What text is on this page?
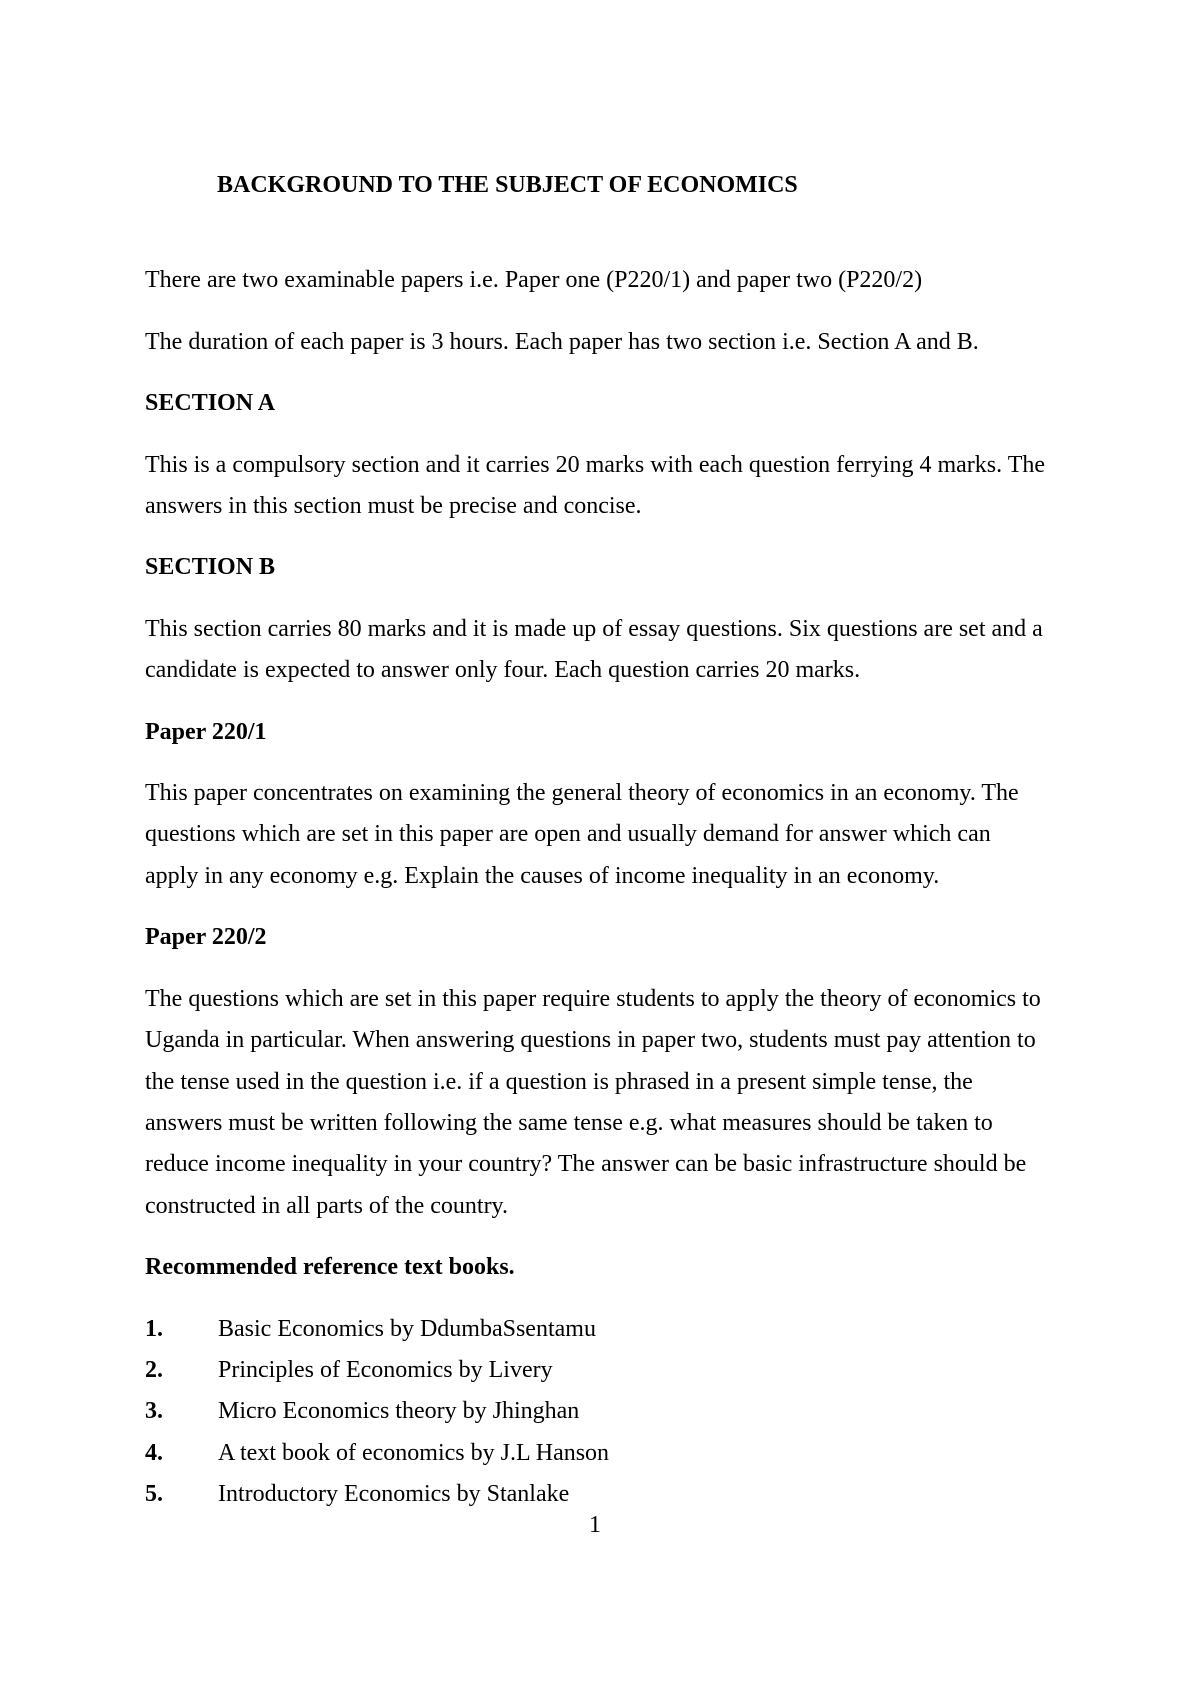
BACKGROUND TO THE SUBJECT OF ECONOMICS

There are two examinable papers i.e. Paper one (P220/1) and paper two (P220/2)

The duration of each paper is 3 hours. Each paper has two section i.e. Section A and B.

SECTION A

This is a compulsory section and it carries 20 marks with each question ferrying 4 marks. The answers in this section must be precise and concise.

SECTION B

This section carries 80 marks and it is made up of essay questions. Six questions are set and a candidate is expected to answer only four. Each question carries 20 marks.

Paper 220/1

This paper concentrates on examining the general theory of economics in an economy. The questions which are set in this paper are open and usually demand for answer which can apply in any economy e.g. Explain the causes of income inequality in an economy.

Paper 220/2

The questions which are set in this paper require students to apply the theory of economics to Uganda in particular. When answering questions in paper two, students must pay attention to the tense used in the question i.e. if a question is phrased in a present simple tense, the answers must be written following the same tense e.g. what measures should be taken to reduce income inequality in your country? The answer can be basic infrastructure should be constructed in all parts of the country.

Recommended reference text books.

1.	Basic Economics by DdumbaSsentamu
2.	Principles of Economics by Livery
3.	Micro Economics theory by Jhinghan
4.	A text book of economics by J.L Hanson
5.	Introductory Economics by Stanlake
1
